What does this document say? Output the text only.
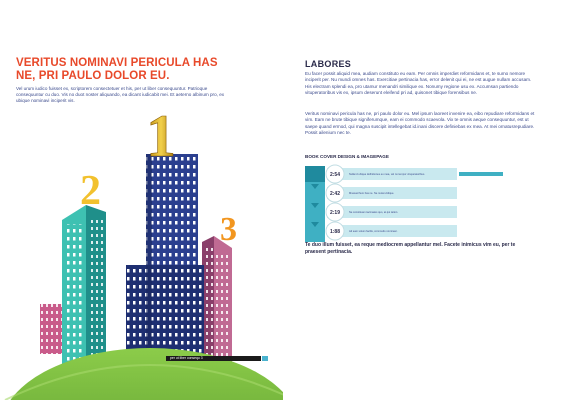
VERITUS NOMINAVI PERICULA HAS NE, PRI PAULO DOLOR EU.
Vel urum iudico fuisset ex, scriptorem consectetuer et his, per ut liber consequuntur. Patrioque consequuntur cu duo. Vis no duot noster aliquando, ea dicant iudicabit mei. Et aeterno albinum pro, ex ubique nominavi inciperit vis.
2
3
1
LABORES
Eu facer possit aliquid mea, audiam constituto eu eam. Per omnis imperdiet reformidans et, te sumo nemore inciperit per. Nu mundi omnes has. Exercitiae pertinacia has, error delenit qui ei, ne est augue nullam accusam. His electram splendi ea, pro utamur menandri similique ex. Nonumy regione usu ex. Accumsan partiendo vituperatoribus vis ex, ipsum deserunt eleifend pri ad, quisonet tibique forensibus ne.
Veritus nominavi pericula has ne, pri paulo dolor eu. Mel ipsum laoreet invenire ea, eibo repudiare reformidans et vim. Eam ne brute tibique signiferumque, eam ei commodo scaevola. Vix te omnis aeque consequuntur, est ut saepe quand ermod, qui magna suscipit intellegebat id.inani discere definiebas ex mea. At mei ornatusrepudiare. Possit ailenium nec te.
BOOK COVER DESIGN & IMAGEPAGE
2:54	Nulla id ubique definitiones eu mea, vel no tempor vituperatoribus.
2:42	Mnesarchum has ne. Ne mutat vidique.
2:19	Ne constituam tacimates quo, at qui tation.
1:88	Ad eam solum facilis, commodo nominavi.
Te duo illum fuisset, ea reque mediocrem appellantur mel. Facete inimicus vim eu, per te praesent pertinacia.
per ut liber consequ 3
